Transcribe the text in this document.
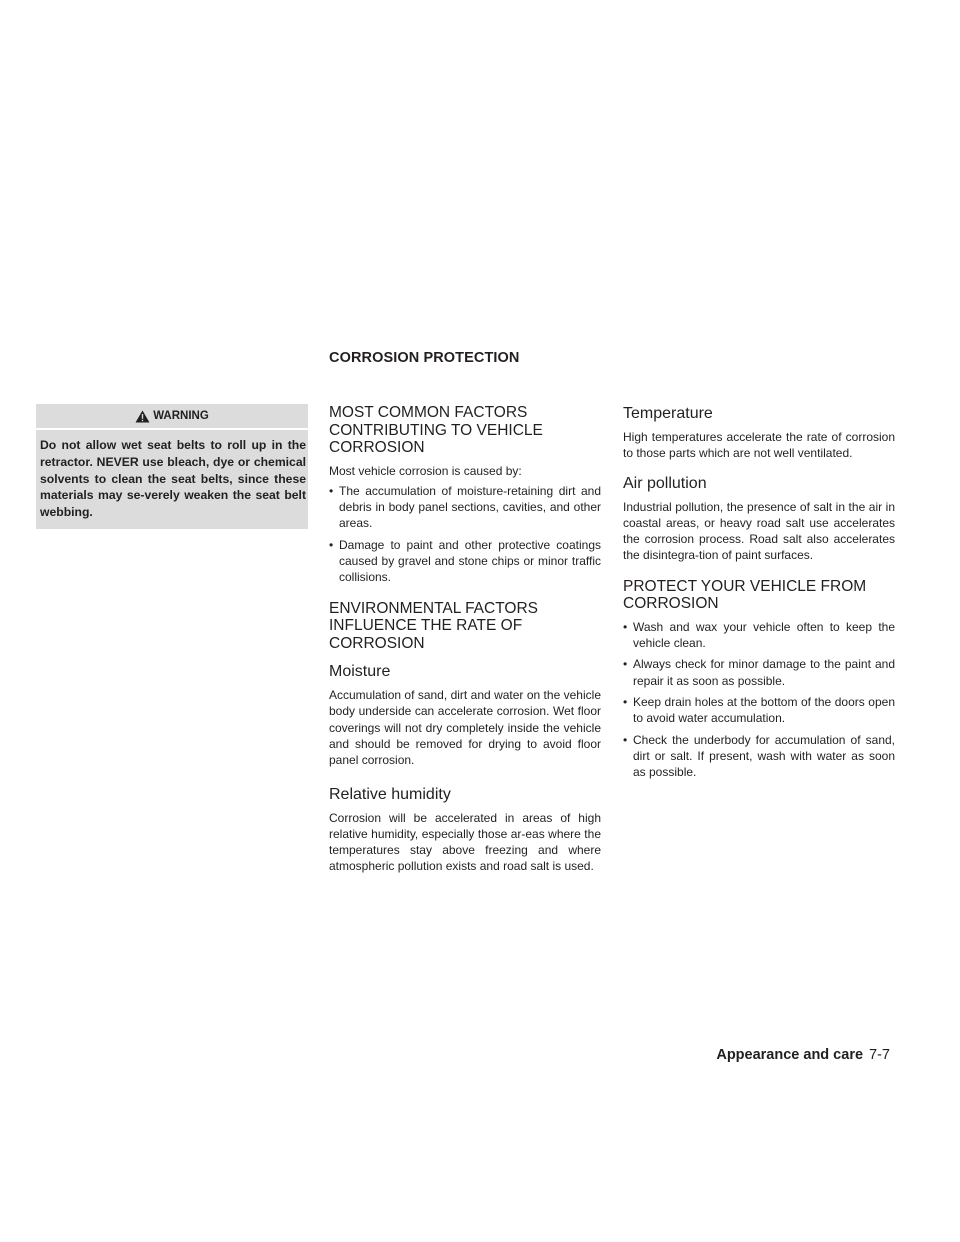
CORROSION PROTECTION
WARNING
Do not allow wet seat belts to roll up in the retractor. NEVER use bleach, dye or chemical solvents to clean the seat belts, since these materials may se-verely weaken the seat belt webbing.
MOST COMMON FACTORS CONTRIBUTING TO VEHICLE CORROSION

Most vehicle corrosion is caused by:

• The accumulation of moisture-retaining dirt and debris in body panel sections, cavities, and other areas.
• Damage to paint and other protective coatings caused by gravel and stone chips or minor traffic collisions.
ENVIRONMENTAL FACTORS INFLUENCE THE RATE OF CORROSION
Moisture

Accumulation of sand, dirt and water on the vehicle body underside can accelerate corrosion. Wet floor coverings will not dry completely inside the vehicle and should be removed for drying to avoid floor panel corrosion.

Relative humidity

Corrosion will be accelerated in areas of high relative humidity, especially those ar-eas where the temperatures stay above freezing and where atmospheric pollution exists and road salt is used.

Temperature

High temperatures accelerate the rate of corrosion to those parts which are not well ventilated.

Air pollution

Industrial pollution, the presence of salt in the air in coastal areas, or heavy road salt use accelerates the corrosion process. Road salt also accelerates the disintegra-tion of paint surfaces.

PROTECT YOUR VEHICLE FROM CORROSION
• Wash and wax your vehicle often to keep the vehicle clean.
• Always check for minor damage to the paint and repair it as soon as possible.
• Keep drain holes at the bottom of the doors open to avoid water accumulation.
• Check the underbody for accumulation of sand, dirt or salt. If present, wash with water as soon as possible.
Appearance and care 7-7
